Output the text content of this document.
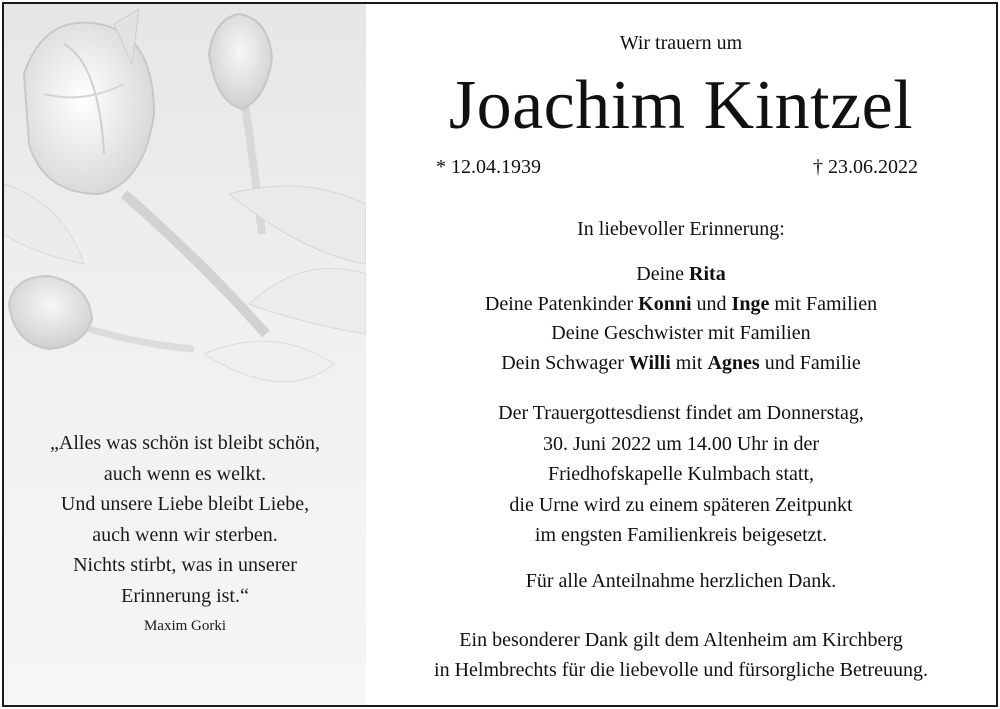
„Alles was schön ist bleibt schön,
auch wenn es welkt.
Und unsere Liebe bleibt Liebe,
auch wenn wir sterben.
Nichts stirbt, was in unserer
Erinnerung ist.“
Maxim Gorki
Wir trauern um
Joachim Kintzel
* 12.04.1939	† 23.06.2022
In liebevoller Erinnerung:
Deine Rita
Deine Patenkinder Konni und Inge mit Familien
Deine Geschwister mit Familien
Dein Schwager Willi mit Agnes und Familie
Der Trauergottesdienst findet am Donnerstag,
30. Juni 2022 um 14.00 Uhr in der
Friedhofskapelle Kulmbach statt,
die Urne wird zu einem späteren Zeitpunkt
im engsten Familienkreis beigesetzt.
Für alle Anteilnahme herzlichen Dank.
Ein besonderer Dank gilt dem Altenheim am Kirchberg
in Helmbrechts für die liebevolle und fürsorgliche Betreuung.
